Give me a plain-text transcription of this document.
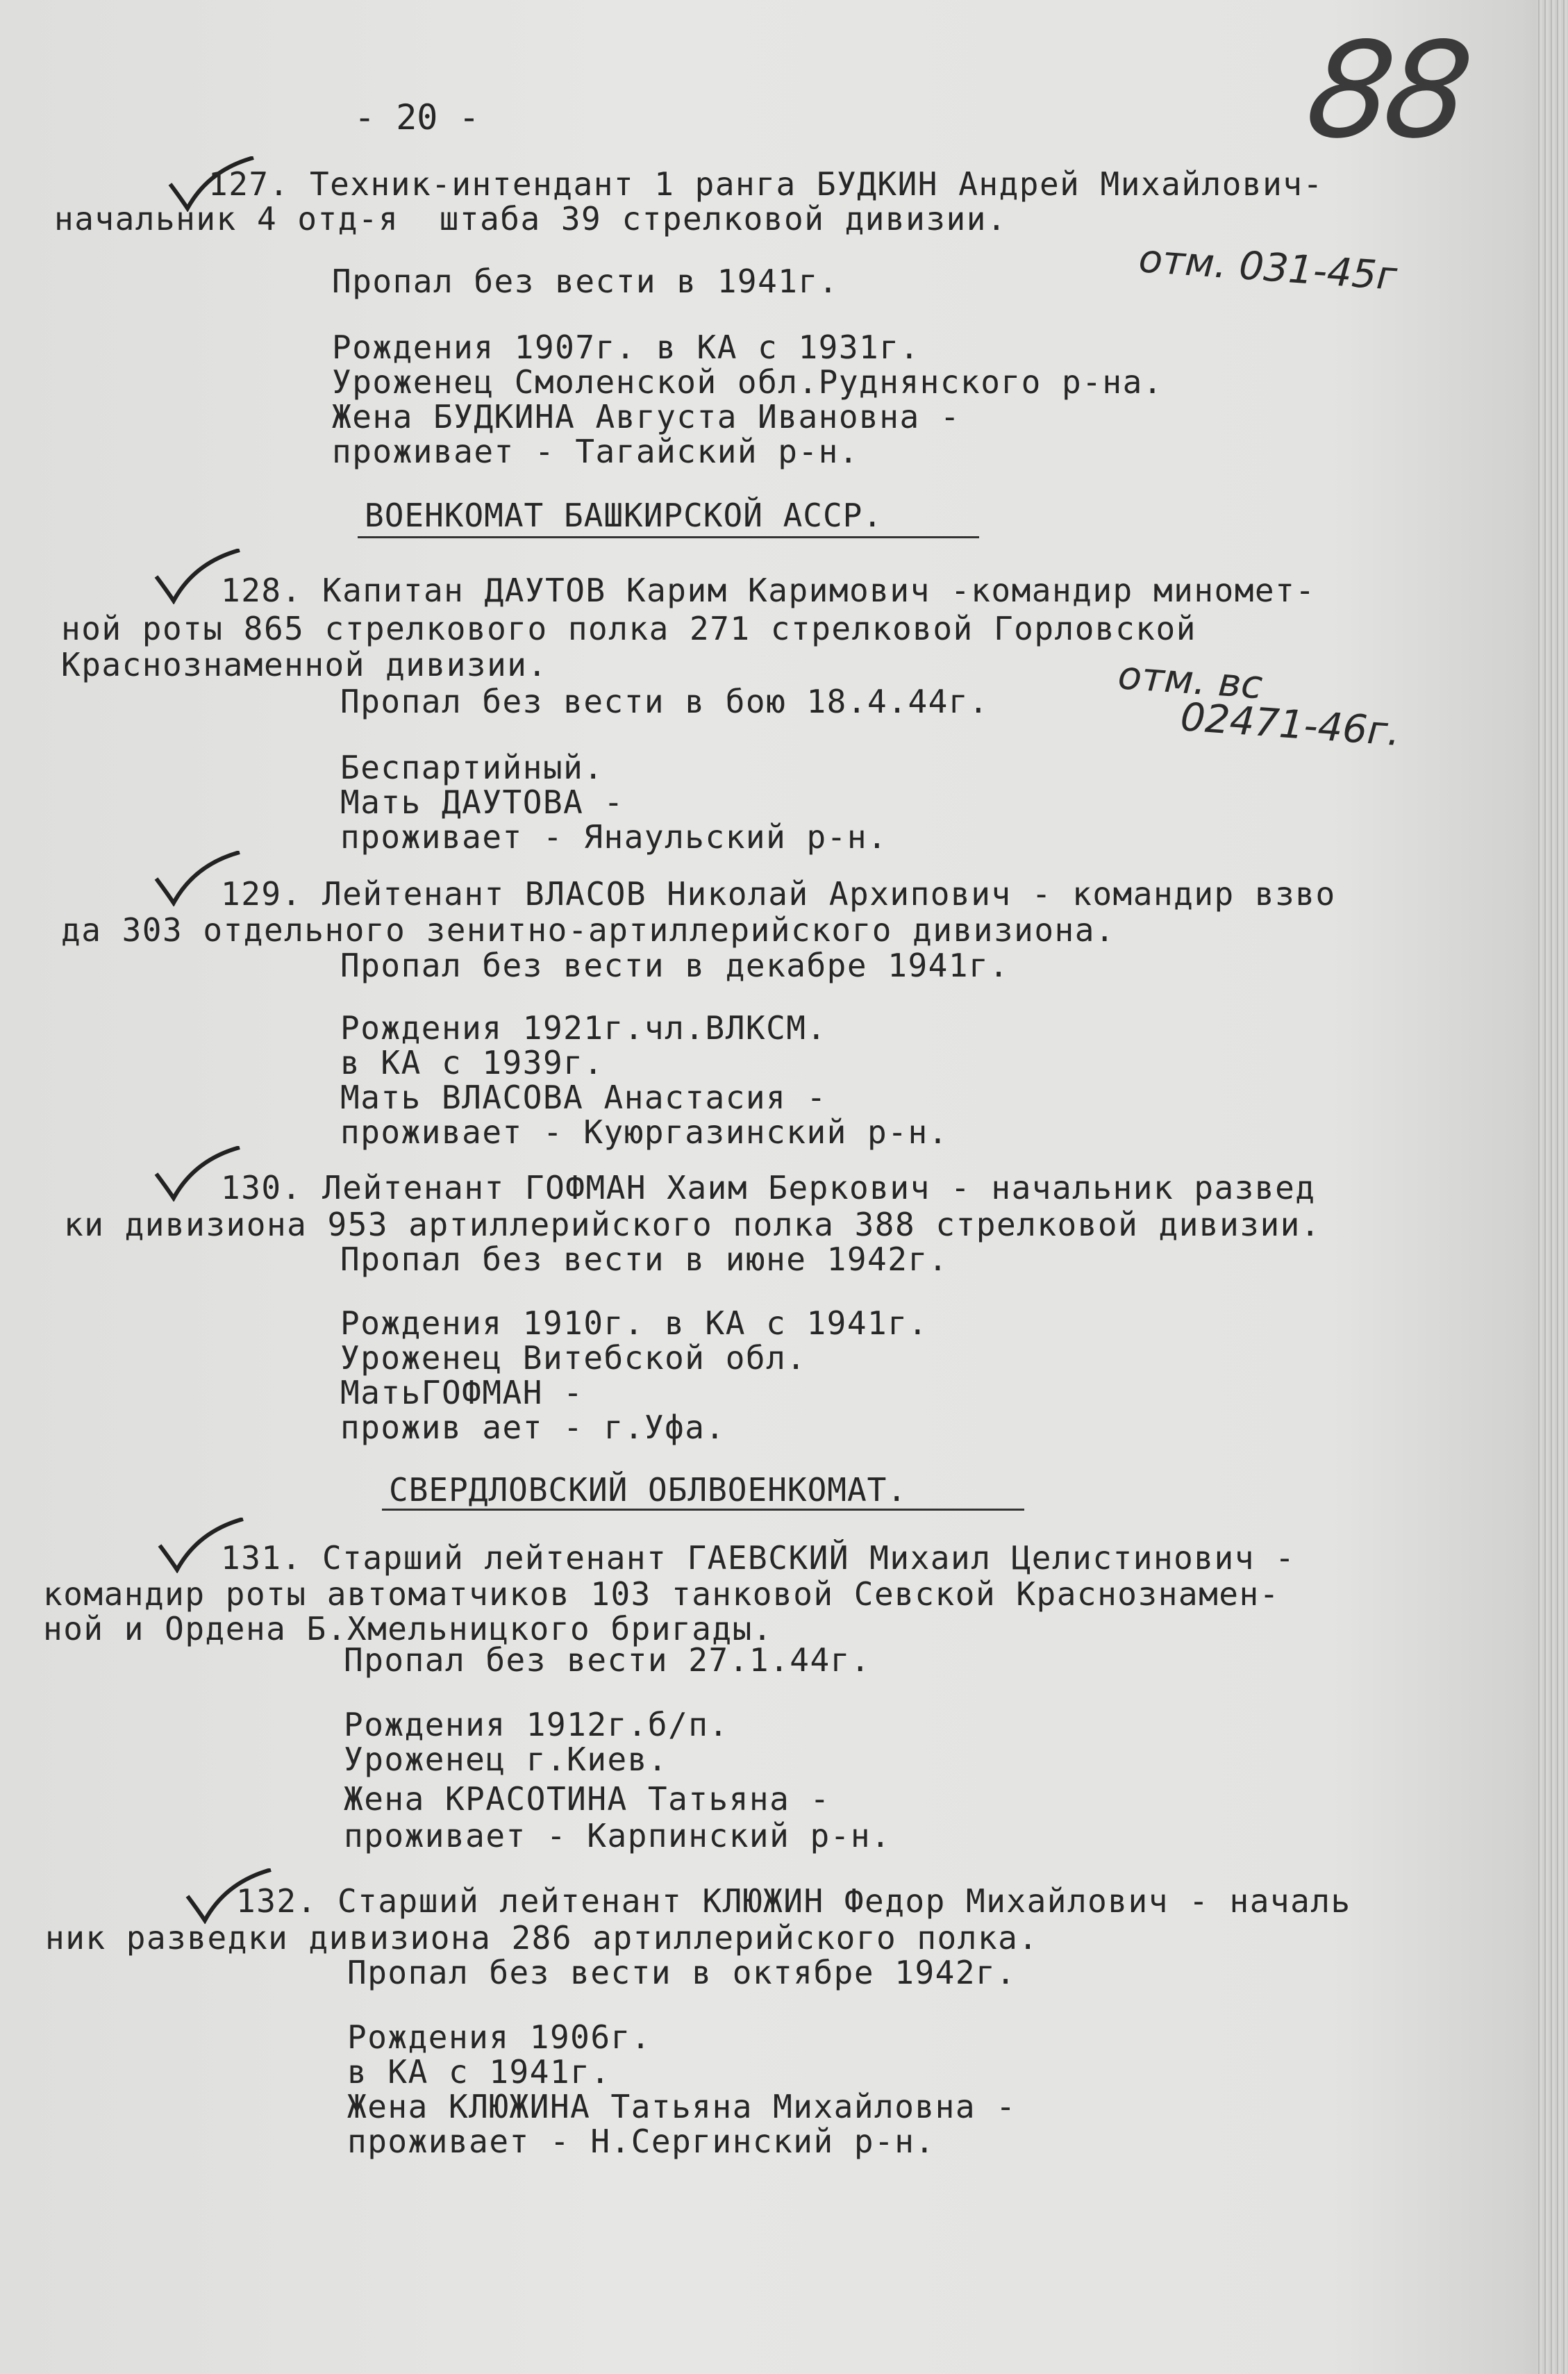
- 20 -	88
127. Техник-интендант 1 ранга БУДКИН Андрей Михайлович-
начальник 4 отд-я  штаба 39 стрелковой дивизии.
Пропал без вести в 1941г.
Рождения 1907г. в КА с 1931г.
Уроженец Смоленской обл.Руднянского р-на.
Жена БУДКИНА Августа Ивановна -
проживает - Тагайский р-н.
отм. 031-45г
ВОЕНКОМАТ БАШКИРСКОЙ АССР.
128. Капитан ДАУТОВ Карим Каримович -командир миномет-
ной роты 865 стрелкового полка 271 стрелковой Горловской
Краснознаменной дивизии.
Пропал без вести в бою 18.4.44г.
Беспартийный.
Мать ДАУТОВА -
проживает - Янаульский р-н.
отм. вс
02471-46г.
129. Лейтенант ВЛАСОВ Николай Архипович - командир взво
да 303 отдельного зенитно-артиллерийского дивизиона.
Пропал без вести в декабре 1941г.
Рождения 1921г.чл.ВЛКСМ.
в КА с 1939г.
Мать ВЛАСОВА Анастасия -
проживает - Куюргазинский р-н.
130. Лейтенант ГОФМАН Хаим Беркович - начальник развед
ки дивизиона 953 артиллерийского полка 388 стрелковой дивизии.
Пропал без вести в июне 1942г.
Рождения 1910г. в КА с 1941г.
Уроженец Витебской обл.
МатьГОФМАН -
прожив ает - г.Уфа.
СВЕРДЛОВСКИЙ ОБЛВОЕНКОМАТ.
131. Старший лейтенант ГАЕВСКИЙ Михаил Целистинович -
командир роты автоматчиков 103 танковой Севской Краснознамен-
ной и Ордена Б.Хмельницкого бригады.
Пропал без вести 27.1.44г.
Рождения 1912г.б/п.
Уроженец г.Киев.
Жена КРАСОТИНА Татьяна -
проживает - Карпинский р-н.
132. Старший лейтенант КЛЮЖИН Федор Михайлович - началь
ник разведки дивизиона 286 артиллерийского полка.
Пропал без вести в октябре 1942г.
Рождения 1906г.
в КА с 1941г.
Жена КЛЮЖИНА Татьяна Михайловна -
проживает - Н.Сергинский р-н.
